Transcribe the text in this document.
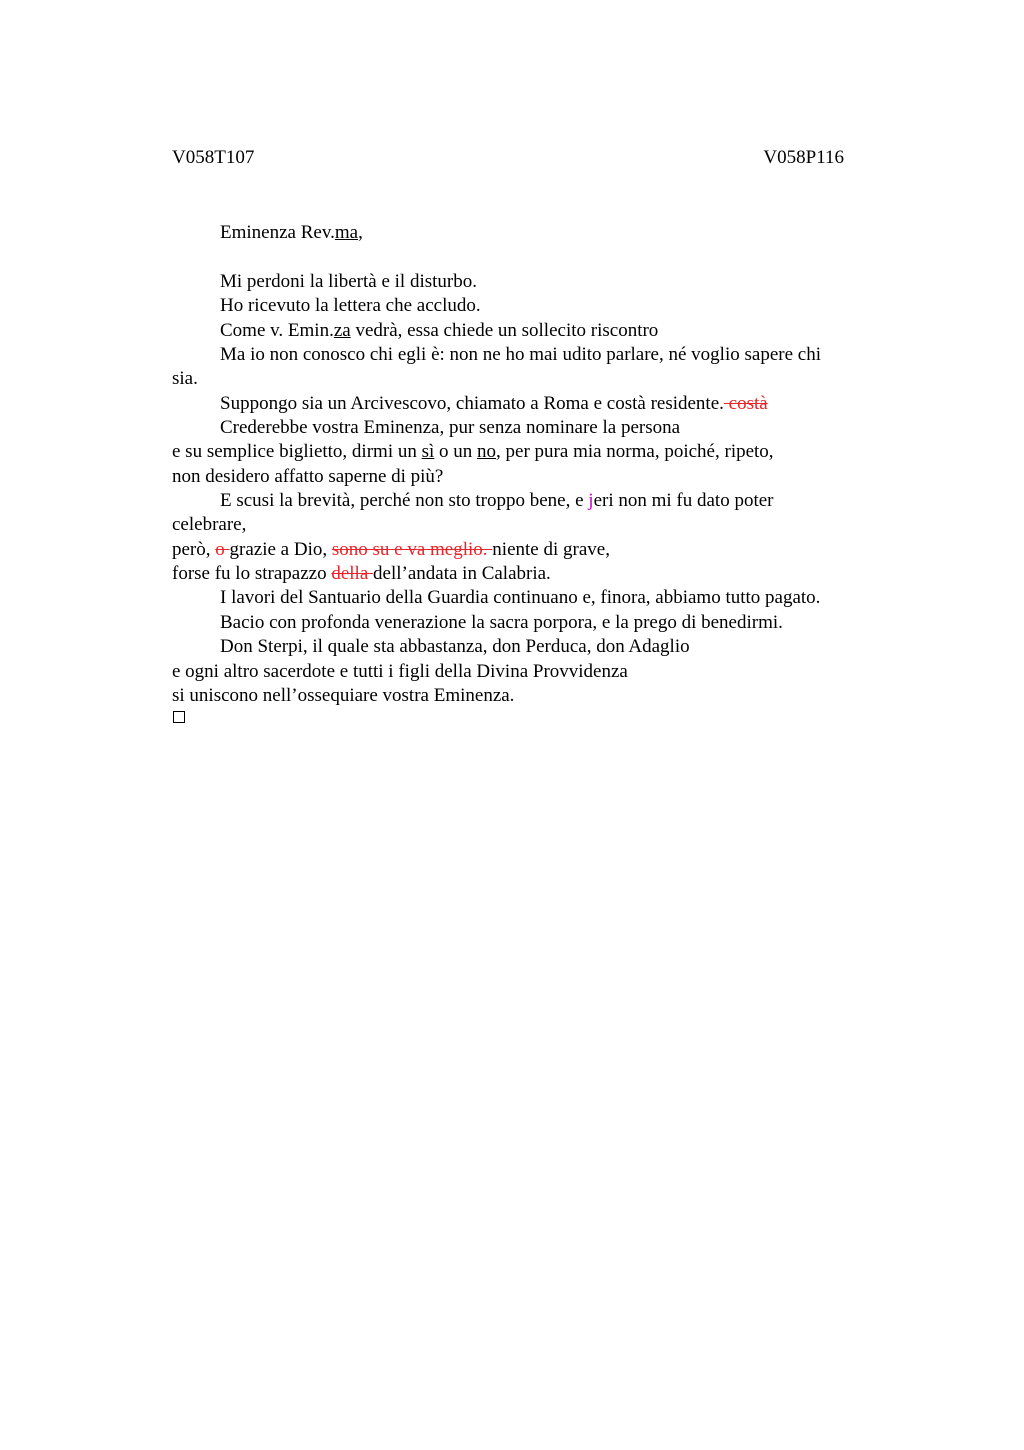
V058T107	V058P116
Eminenza Rev.ma,
Mi perdoni la libertà e il disturbo.
Ho ricevuto la lettera che accludo.
Come v. Emin.za vedrà, essa chiede un sollecito riscontro
Ma io non conosco chi egli è: non ne ho mai udito parlare, né voglio sapere chi
sia.
Suppongo sia un Arcivescovo, chiamato a Roma e costà residente. costà
Crederebbe vostra Eminenza, pur senza nominare la persona
e su semplice biglietto, dirmi un sì o un no, per pura mia norma, poiché, ripeto,
non desidero affatto saperne di più?
E scusi la brevità, perché non sto troppo bene, e jeri non mi fu dato poter
celebrare,
però, o grazie a Dio, sono su e va meglio. niente di grave,
forse fu lo strapazzo della dell’andata in Calabria.
I lavori del Santuario della Guardia continuano e, finora, abbiamo tutto pagato.
Bacio con profonda venerazione la sacra porpora, e la prego di benedirmi.
Don Sterpi, il quale sta abbastanza, don Perduca, don Adaglio
e ogni altro sacerdote e tutti i figli della Divina Provvidenza
si uniscono nell’ossequiare vostra Eminenza.
